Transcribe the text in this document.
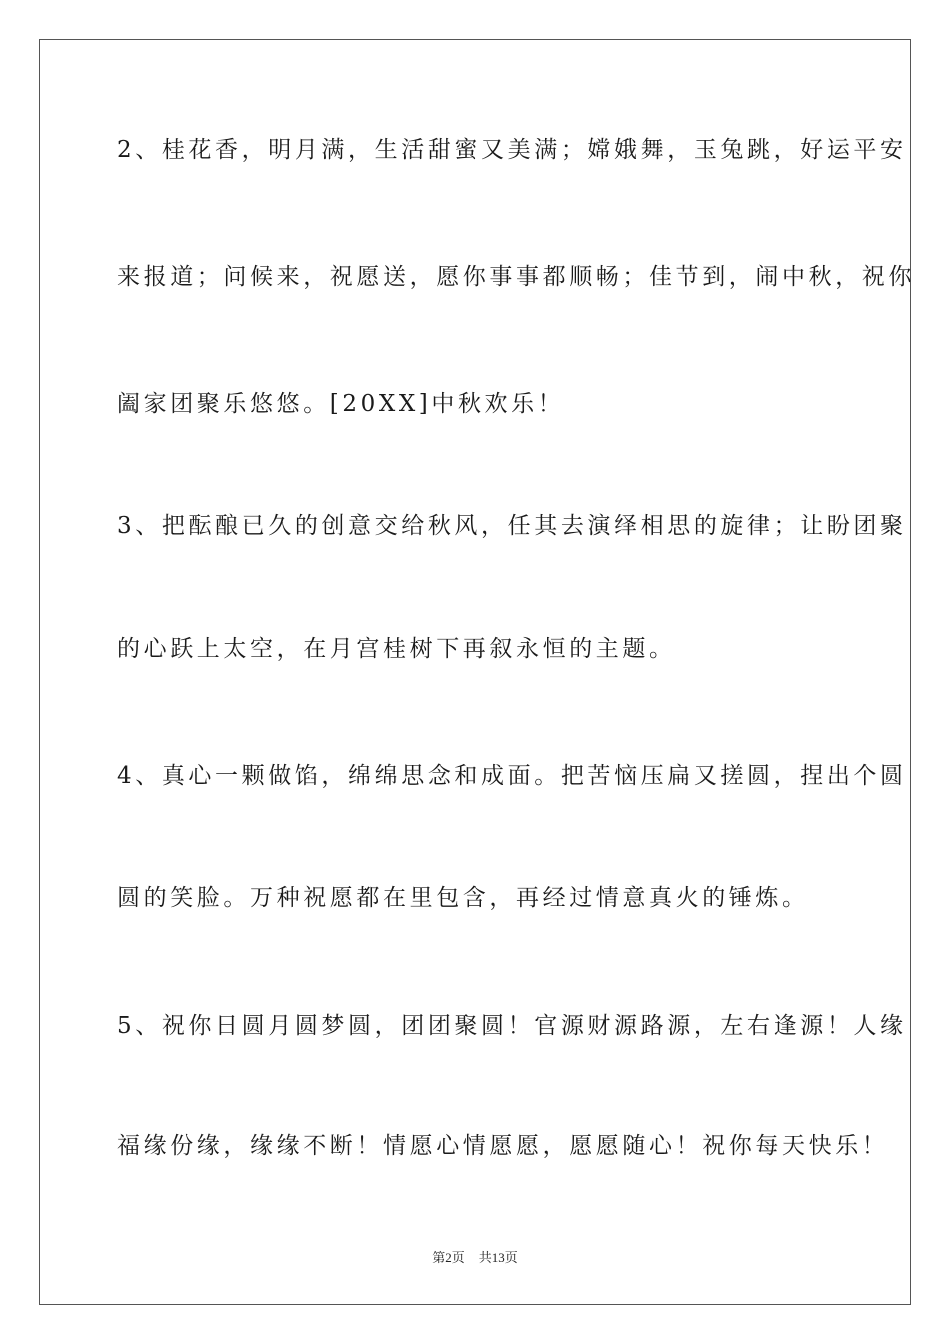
2、桂花香，明月满，生活甜蜜又美满；嫦娥舞，玉兔跳，好运平安
来报道；问候来，祝愿送，愿你事事都顺畅；佳节到，闹中秋，祝你
阖家团聚乐悠悠。[20XX]中秋欢乐！
3、把酝酿已久的创意交给秋风，任其去演绎相思的旋律；让盼团聚
的心跃上太空，在月宫桂树下再叙永恒的主题。
4、真心一颗做馅，绵绵思念和成面。把苦恼压扁又搓圆，捏出个圆
圆的笑脸。万种祝愿都在里包含，再经过情意真火的锤炼。
5、祝你日圆月圆梦圆，团团聚圆！官源财源路源，左右逢源！人缘
福缘份缘，缘缘不断！情愿心情愿愿，愿愿随心！祝你每天快乐！
第2页 共13页
